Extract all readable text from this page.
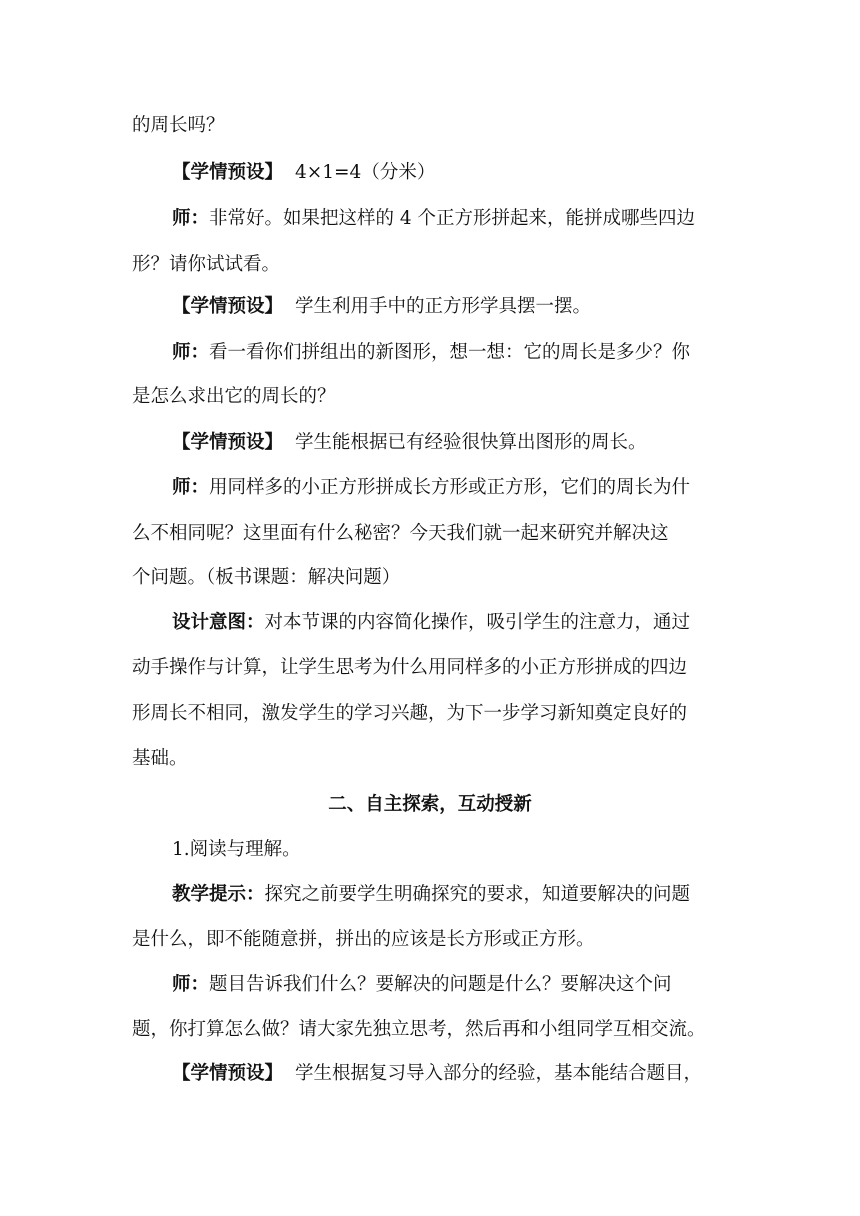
的周长吗？
【学情预设】 4×1=4（分米）
师：非常好。如果把这样的 4 个正方形拼起来，能拼成哪些四边
形？请你试试看。
【学情预设】 学生利用手中的正方形学具摆一摆。
师：看一看你们拼组出的新图形，想一想：它的周长是多少？你
是怎么求出它的周长的？
【学情预设】 学生能根据已有经验很快算出图形的周长。
师：用同样多的小正方形拼成长方形或正方形，它们的周长为什
么不相同呢？这里面有什么秘密？今天我们就一起来研究并解决这
个问题。（板书课题：解决问题）
设计意图：对本节课的内容简化操作，吸引学生的注意力，通过
动手操作与计算，让学生思考为什么用同样多的小正方形拼成的四边
形周长不相同，激发学生的学习兴趣，为下一步学习新知奠定良好的
基础。
二、自主探索，互动授新
1.阅读与理解。
教学提示：探究之前要学生明确探究的要求，知道要解决的问题
是什么，即不能随意拼，拼出的应该是长方形或正方形。
师：题目告诉我们什么？要解决的问题是什么？要解决这个问
题，你打算怎么做？请大家先独立思考，然后再和小组同学互相交流。
【学情预设】 学生根据复习导入部分的经验，基本能结合题目，
